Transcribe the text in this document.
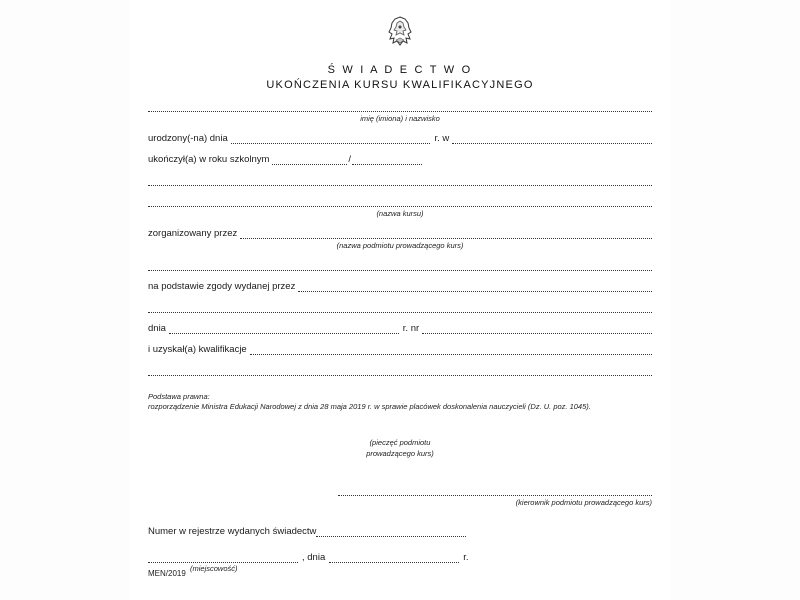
Ś W I A D E C T W O
UKOŃCZENIA KURSU KWALIFIKACYJNEGO
imię (imiona) i nazwisko
urodzony(-na) dnia	r. w
ukończył(a) w roku szkolnym	/
(nazwa kursu)
zorganizowany przez
(nazwa podmiotu prowadzącego kurs)
na podstawie zgody wydanej przez
dnia	r. nr
i uzyskał(a) kwalifikacje
Podstawa prawna:
rozporządzenie Ministra Edukacji Narodowej z dnia 28 maja 2019 r. w sprawie placówek doskonalenia nauczycieli (Dz. U. poz. 1045).
(pieczęć podmiotu
prowadzącego kurs)
(kierownik podmiotu prowadzącego kurs)
Numer w rejestrze wydanych świadectw
, dnia	r.
(miejscowość)
MEN/2019
